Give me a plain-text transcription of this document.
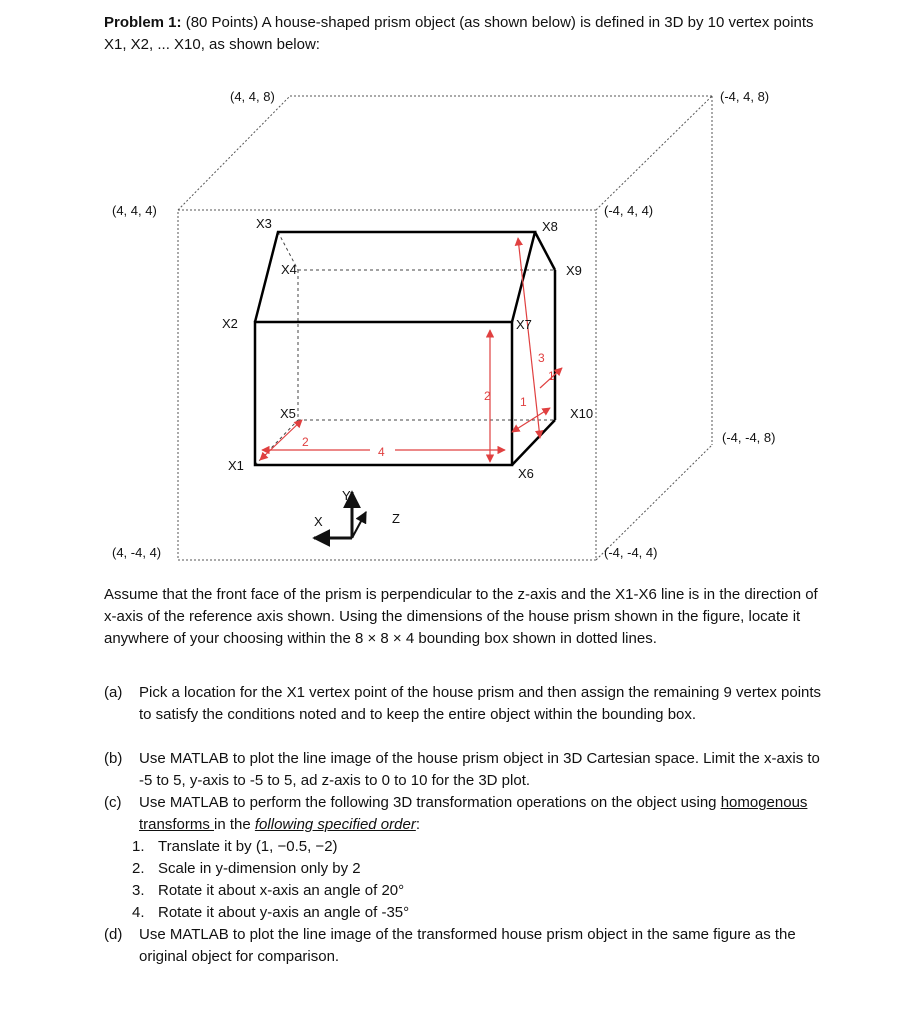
Problem 1: (80 Points) A house-shaped prism object (as shown below) is defined in 3D by 10 vertex points X1, X2, ... X10, as shown below:

2
4
2 1
3
1
X1
X2
X3
X4
X5
X6
X7
X8
X9
X10
(4, 4, 8)	(-4, 4, 8)
(4, 4, 4)	(-4, 4, 4)
(-4, -4, 8)
(4, -4, 4)	(-4, -4, 4)
Y
X	Z

Assume that the front face of the prism is perpendicular to the z-axis and the X1-X6 line is in the direction of x-axis of the reference axis shown. Using the dimensions of the house prism shown in the figure, locate it anywhere of your choosing within the 8 × 8 × 4 bounding box shown in dotted lines.

(a)	Pick a location for the X1 vertex point of the house prism and then assign the remaining 9 vertex points to satisfy the conditions noted and to keep the entire object within the bounding box.
(b)	Use MATLAB to plot the line image of the house prism object in 3D Cartesian space. Limit the x-axis to -5 to 5, y-axis to -5 to 5, ad z-axis to 0 to 10 for the 3D plot.
(c)	Use MATLAB to perform the following 3D transformation operations on the object using homogenous transforms in the following specified order:
1. Translate it by (1, −0.5, −2)
2. Scale in y-dimension only by 2
3. Rotate it about x-axis an angle of 20°
4. Rotate it about y-axis an angle of -35°
(d)	Use MATLAB to plot the line image of the transformed house prism object in the same figure as the original object for comparison.
